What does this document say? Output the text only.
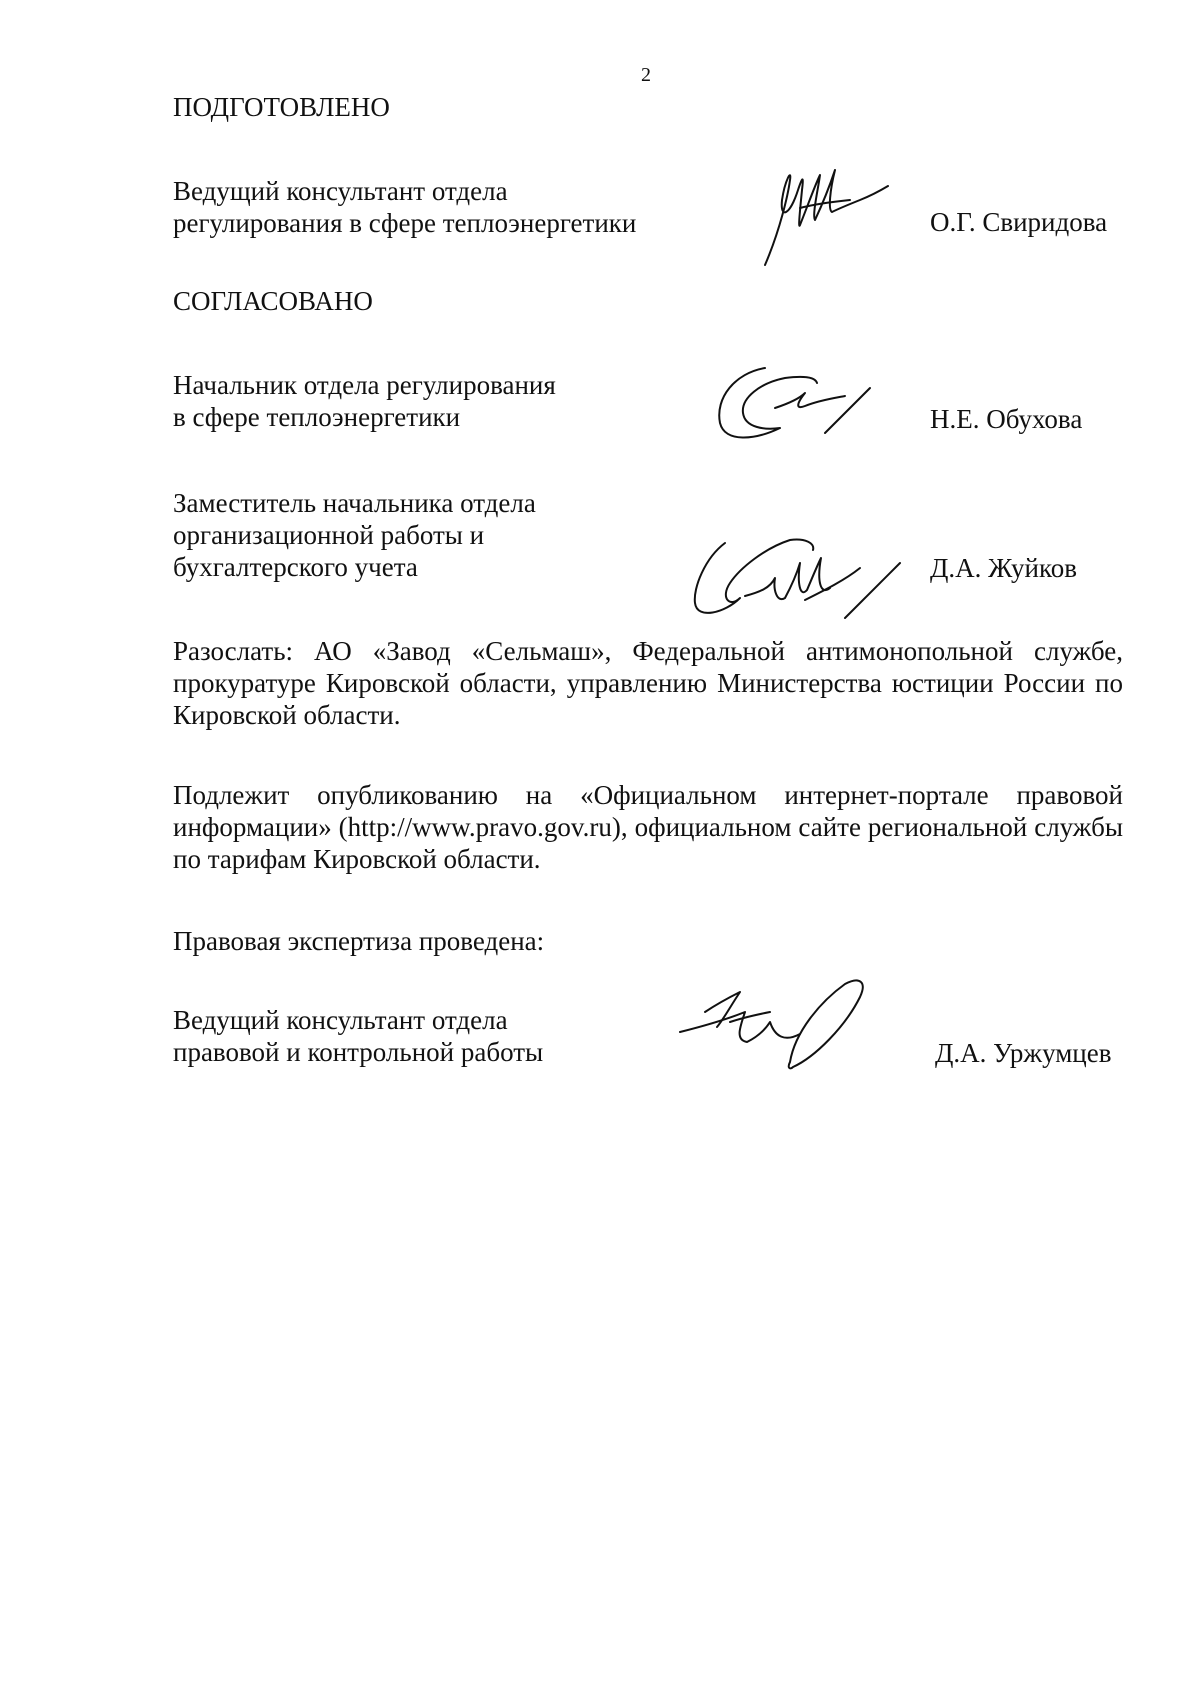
2
ПОДГОТОВЛЕНО
Ведущий консультант отдела
регулирования в сфере теплоэнергетики	О.Г. Свиридова
СОГЛАСОВАНО
Начальник отдела регулирования
в сфере теплоэнергетики	Н.Е. Обухова
Заместитель начальника отдела
организационной работы и
бухгалтерского учета	Д.А. Жуйков
Разослать: АО «Завод «Сельмаш», Федеральной антимонопольной службе, прокуратуре Кировской области, управлению Министерства юстиции России по Кировской области.
Подлежит опубликованию на «Официальном интернет-портале правовой информации» (http://www.pravo.gov.ru), официальном сайте региональной службы по тарифам Кировской области.
Правовая экспертиза проведена:
Ведущий консультант отдела
правовой и контрольной работы	Д.А. Уржумцев
